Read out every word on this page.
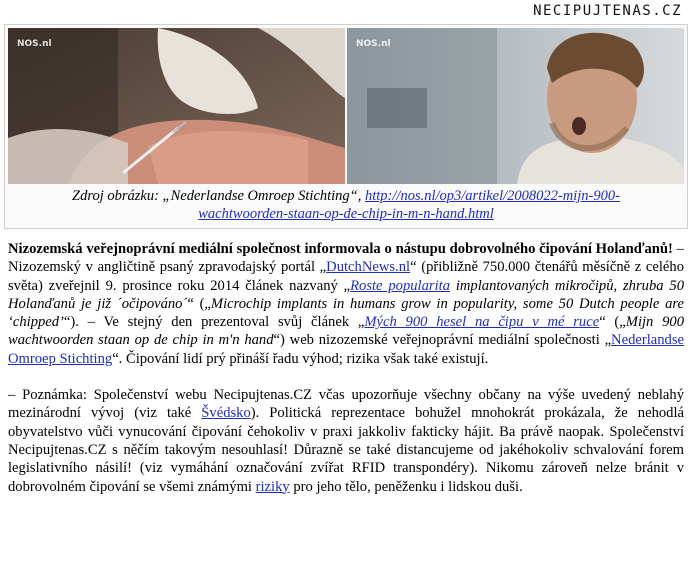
NECIPUJTENAS.CZ
NOS.nl	NOS.nl
Zdroj obrázku: „Nederlandse Omroep Stichting“, http://nos.nl/op3/artikel/2008022-mijn-900-
wachtwoorden-staan-op-de-chip-in-m-n-hand.html

Nizozemská veřejnoprávní mediální společnost informovala o nástupu dobrovolného čipování Holanďanů! – Nizozemský v angličtině psaný zpravodajský portál „DutchNews.nl“ (přibližně 750.000 čtenářů měsíčně z celého světa) zveřejnil 9. prosince roku 2014 článek nazvaný „Roste popularita implantovaných mikročipů, zhruba 50 Holanďanů je již ´očipováno´“ („Microchip implants in humans grow in popularity, some 50 Dutch people are ‘chipped’“). – Ve stejný den prezentoval svůj článek „Mých 900 hesel na čipu v mé ruce“ („Mijn 900 wachtwoorden staan op de chip in m'n hand“) web nizozemské veřejnoprávní mediální společnosti „Nederlandse Omroep Stichting“. Čipování lidí prý přináší řadu výhod; rizika však také existují.

– Poznámka: Společenství webu Necipujtenas.CZ včas upozorňuje všechny občany na výše uvedený neblahý mezinárodní vývoj (viz také Švédsko). Politická reprezentace bohužel mnohokrát prokázala, že nehodlá obyvatelstvo vůči vynucování čipování čehokoliv v praxi jakkoliv fakticky hájit. Ba právě naopak. Společenství Necipujtenas.CZ s něčím takovým nesouhlasí! Důrazně se také distancujeme od jakéhokoliv schvalování forem legislativního násilí! (viz vymáhání označování zvířat RFID transpondéry). Nikomu zároveň nelze bránit v dobrovolném čipování se všemi známými riziky pro jeho tělo, peněženku i lidskou duši.
